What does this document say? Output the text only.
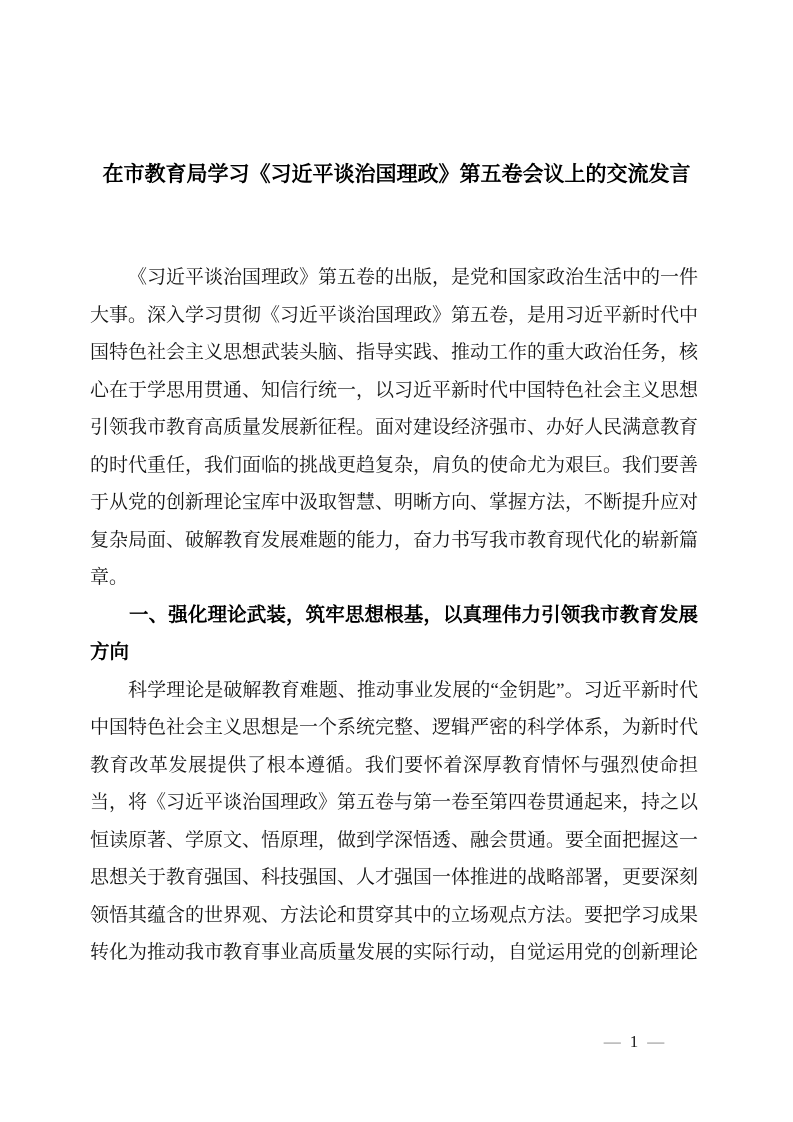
在市教育局学习《习近平谈治国理政》第五卷会议上的交流发言

《习近平谈治国理政》第五卷的出版，是党和国家政治生活中的一件大事。深入学习贯彻《习近平谈治国理政》第五卷，是用习近平新时代中国特色社会主义思想武装头脑、指导实践、推动工作的重大政治任务，核心在于学思用贯通、知信行统一，以习近平新时代中国特色社会主义思想引领我市教育高质量发展新征程。面对建设经济强市、办好人民满意教育的时代重任，我们面临的挑战更趋复杂，肩负的使命尤为艰巨。我们要善于从党的创新理论宝库中汲取智慧、明晰方向、掌握方法，不断提升应对复杂局面、破解教育发展难题的能力，奋力书写我市教育现代化的崭新篇章。

一、强化理论武装，筑牢思想根基，以真理伟力引领我市教育发展方向

科学理论是破解教育难题、推动事业发展的“金钥匙”。习近平新时代中国特色社会主义思想是一个系统完整、逻辑严密的科学体系，为新时代教育改革发展提供了根本遵循。我们要怀着深厚教育情怀与强烈使命担当，将《习近平谈治国理政》第五卷与第一卷至第四卷贯通起来，持之以恒读原著、学原文、悟原理，做到学深悟透、融会贯通。要全面把握这一思想关于教育强国、科技强国、人才强国一体推进的战略部署，更要深刻领悟其蕴含的世界观、方法论和贯穿其中的立场观点方法。要把学习成果转化为推动我市教育事业高质量发展的实际行动，自觉运用党的创新理论

— 1 —
